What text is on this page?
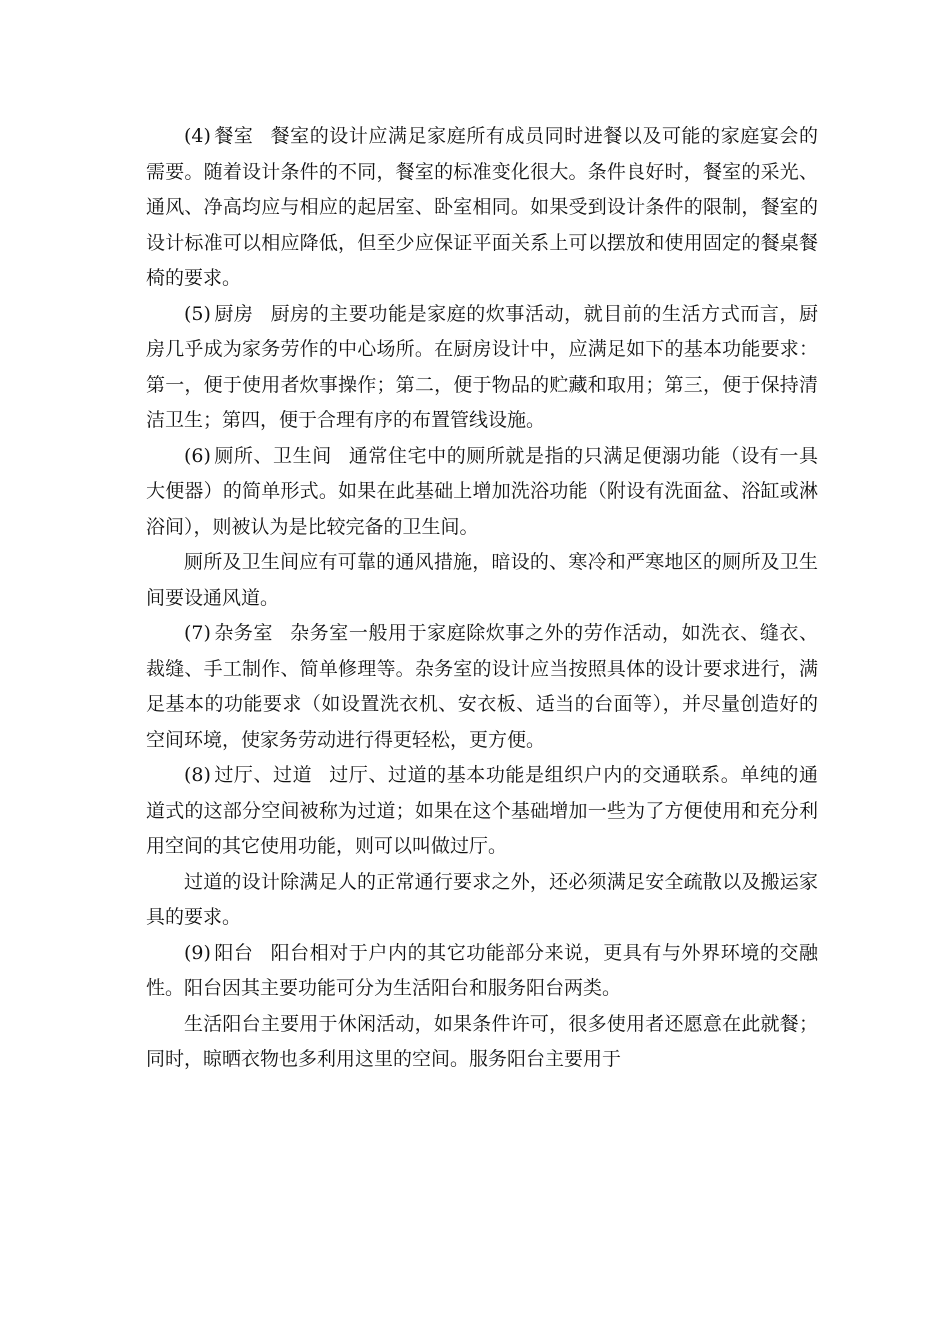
(4) 餐室 餐室的设计应满足家庭所有成员同时进餐以及可能的家庭宴会的需要。随着设计条件的不同，餐室的标准变化很大。条件良好时，餐室的采光、通风、净高均应与相应的起居室、卧室相同。如果受到设计条件的限制，餐室的设计标准可以相应降低，但至少应保证平面关系上可以摆放和使用固定的餐桌餐椅的要求。

(5) 厨房 厨房的主要功能是家庭的炊事活动，就目前的生活方式而言，厨房几乎成为家务劳作的中心场所。在厨房设计中，应满足如下的基本功能要求：第一，便于使用者炊事操作；第二，便于物品的贮藏和取用；第三，便于保持清洁卫生；第四，便于合理有序的布置管线设施。

(6) 厕所、卫生间 通常住宅中的厕所就是指的只满足便溺功能（设有一具大便器）的简单形式。如果在此基础上增加洗浴功能（附设有洗面盆、浴缸或淋浴间），则被认为是比较完备的卫生间。

厕所及卫生间应有可靠的通风措施，暗设的、寒冷和严寒地区的厕所及卫生间要设通风道。

(7) 杂务室 杂务室一般用于家庭除炊事之外的劳作活动，如洗衣、缝衣、裁缝、手工制作、简单修理等。杂务室的设计应当按照具体的设计要求进行，满足基本的功能要求（如设置洗衣机、安衣板、适当的台面等），并尽量创造好的空间环境，使家务劳动进行得更轻松，更方便。

(8) 过厅、过道 过厅、过道的基本功能是组织户内的交通联系。单纯的通道式的这部分空间被称为过道；如果在这个基础增加一些为了方便使用和充分利用空间的其它使用功能，则可以叫做过厅。

过道的设计除满足人的正常通行要求之外，还必须满足安全疏散以及搬运家具的要求。

(9) 阳台 阳台相对于户内的其它功能部分来说，更具有与外界环境的交融性。阳台因其主要功能可分为生活阳台和服务阳台两类。

生活阳台主要用于休闲活动，如果条件许可，很多使用者还愿意在此就餐；同时，晾晒衣物也多利用这里的空间。服务阳台主要用于
